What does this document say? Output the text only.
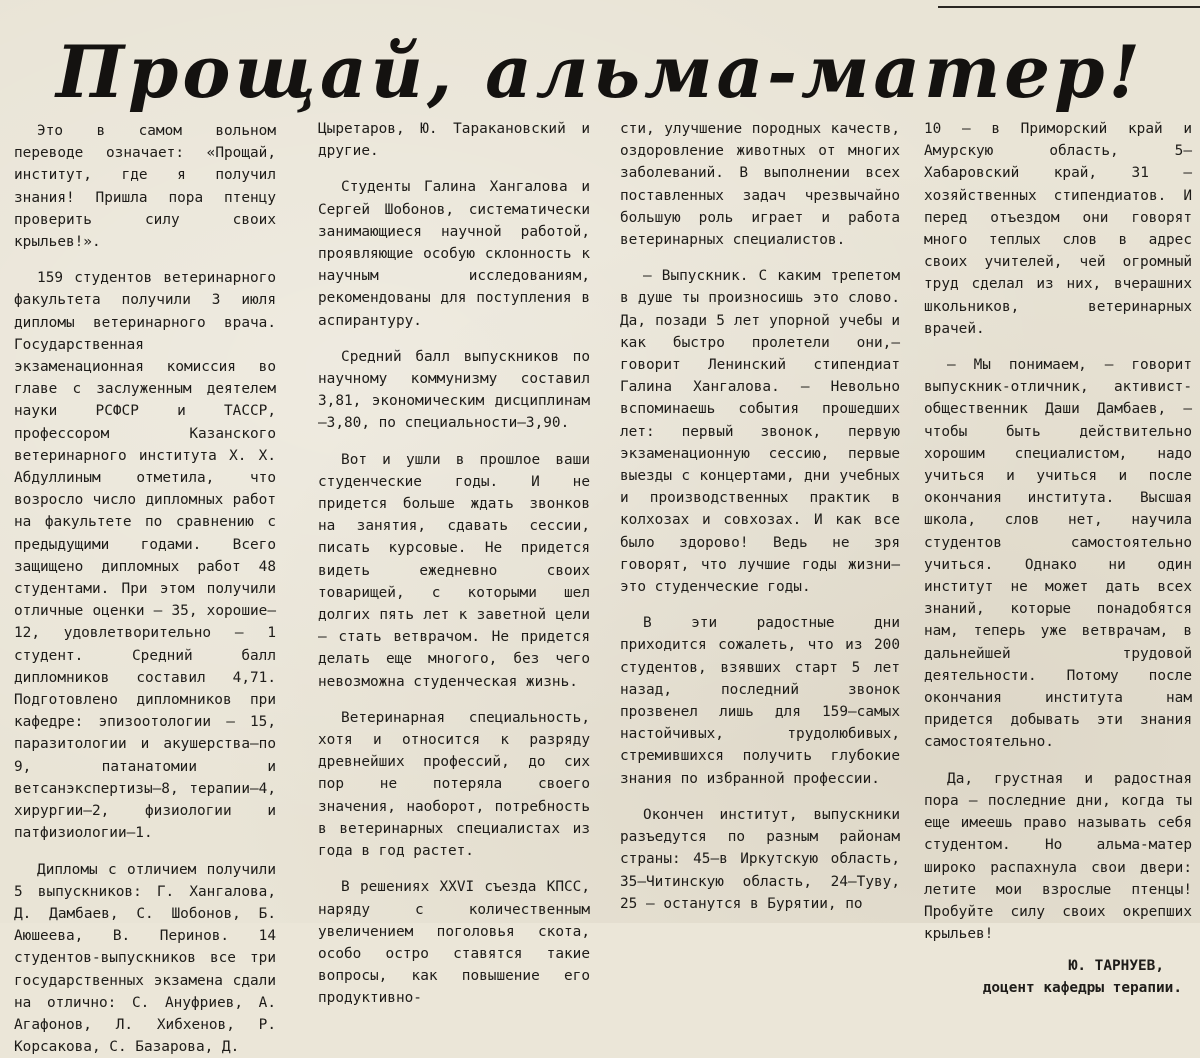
Прощай, альма-матер!

Это в самом вольном переводе означает: «Прощай, институт, где я получил знания! Пришла пора птенцу проверить силу своих крыльев!».

159 студентов ветеринарного факультета получили 3 июля дипломы ветеринарного врача. Государственная экзаменационная комиссия во главе с заслуженным деятелем науки РСФСР и ТАССР, профессором Казанского ветеринарного института Х. Х. Абдуллиным отметила, что возросло число дипломных работ на факультете по сравнению с предыдущими годами. Всего защищено дипломных работ 48 студентами. При этом получили отличные оценки — 35, хорошие—12, удовлетворительно — 1 студент. Средний балл дипломников составил 4,71. Подготовлено дипломников при кафедре: эпизоотологии — 15, паразитологии и акушерства—по 9, патанатомии и ветсанэкспертизы—8, терапии—4, хирургии—2, физиологии и патфизиологии—1.

Дипломы с отличием получили 5 выпускников: Г. Хангалова, Д. Дамбаев, С. Шобонов, Б. Аюшеева, В. Перинов. 14 студентов-выпускников все три государственных экзамена сдали на отлично: С. Ануфриев, А. Агафонов, Л. Хибхенов, Р. Корсакова, С. Базарова, Д.

Цыретаров, Ю. Таракановский и другие.

Студенты Галина Хангалова и Сергей Шобонов, систематически занимающиеся научной работой, проявляющие особую склонность к научным исследованиям, рекомендованы для поступления в аспирантуру.

Средний балл выпускников по научному коммунизму составил 3,81, экономическим дисциплинам—3,80, по специальности—3,90.

Вот и ушли в прошлое ваши студенческие годы. И не придется больше ждать звонков на занятия, сдавать сессии, писать курсовые. Не придется видеть ежедневно своих товарищей, с которыми шел долгих пять лет к заветной цели — стать ветврачом. Не придется делать еще многого, без чего невозможна студенческая жизнь.

Ветеринарная специальность, хотя и относится к разряду древнейших профессий, до сих пор не потеряла своего значения, наоборот, потребность в ветеринарных специалистах из года в год растет.

В решениях XXVI съезда КПСС, наряду с количественным увеличением поголовья скота, особо остро ставятся такие вопросы, как повышение его продуктивно-

сти, улучшение породных качеств, оздоровление животных от многих заболеваний. В выполнении всех поставленных задач чрезвычайно большую роль играет и работа ветеринарных специалистов.

— Выпускник. С каким трепетом в душе ты произносишь это слово. Да, позади 5 лет упорной учебы и как быстро пролетели они,— говорит Ленинский стипендиат Галина Хангалова. — Невольно вспоминаешь события прошедших лет: первый звонок, первую экзаменационную сессию, первые выезды с концертами, дни учебных и производственных практик в колхозах и совхозах. И как все было здорово! Ведь не зря говорят, что лучшие годы жизни—это студенческие годы.

В эти радостные дни приходится сожалеть, что из 200 студентов, взявших старт 5 лет назад, последний звонок прозвенел лишь для 159—самых настойчивых, трудолюбивых, стремившихся получить глубокие знания по избранной профессии.

Окончен институт, выпускники разъедутся по разным районам страны: 45—в Иркутскую область, 35—Читинскую область, 24—Туву, 25 — останутся в Бурятии, по

10 — в Приморский край и Амурскую область, 5—Хабаровский край, 31 — хозяйственных стипендиатов. И перед отъездом они говорят много теплых слов в адрес своих учителей, чей огромный труд сделал из них, вчерашних школьников, ветеринарных врачей.

— Мы понимаем, — говорит выпускник-отличник, активист-общественник Даши Дамбаев, — чтобы быть действительно хорошим специалистом, надо учиться и учиться и после окончания института. Высшая школа, слов нет, научила студентов самостоятельно учиться. Однако ни один институт не может дать всех знаний, которые понадобятся нам, теперь уже ветврачам, в дальнейшей трудовой деятельности. Потому после окончания института нам придется добывать эти знания самостоятельно.

Да, грустная и радостная пора — последние дни, когда ты еще имеешь право называть себя студентом. Но альма-матер широко распахнула свои двери: летите мои взрослые птенцы! Пробуйте силу своих окрепших крыльев!

Ю. ТАРНУЕВ,
доцент кафедры терапии.
